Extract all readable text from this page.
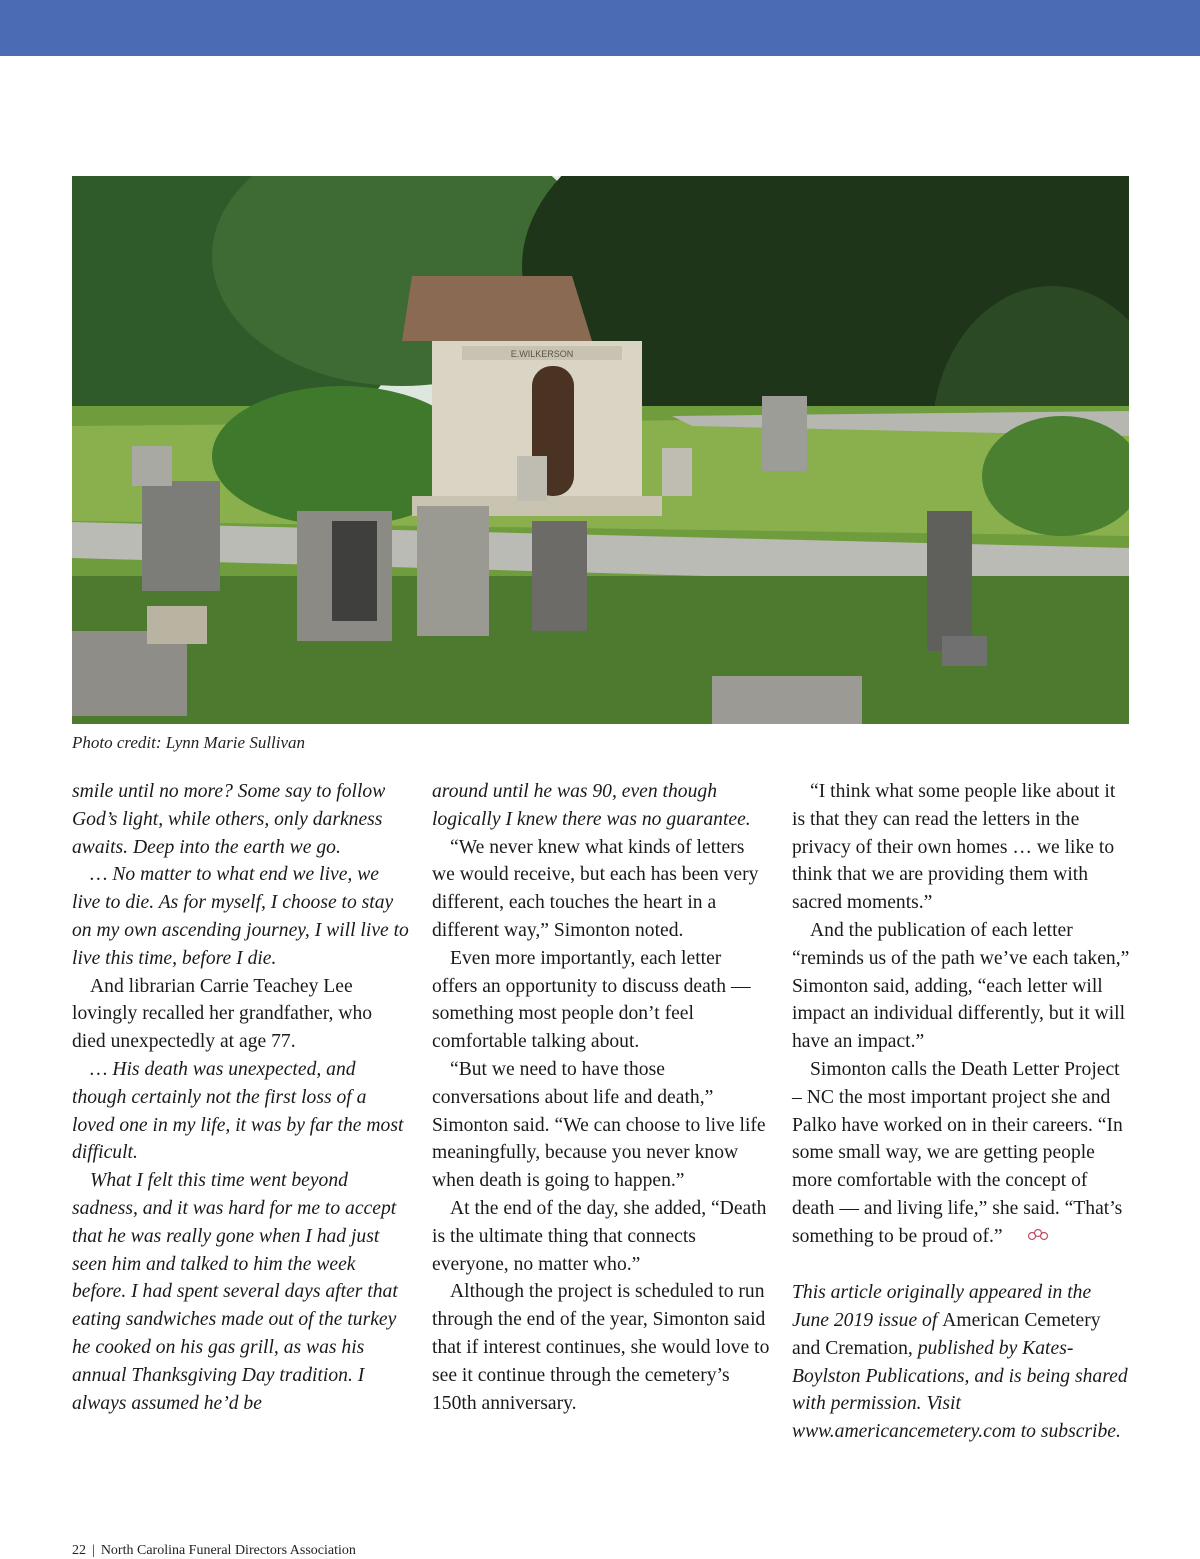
E.WILKERSON
Photo credit: Lynn Marie Sullivan

smile until no more? Some say to follow God’s light, while others, only darkness awaits. Deep into the earth we go.

… No matter to what end we live, we live to die. As for myself, I choose to stay on my own ascending journey, I will live to live this time, before I die.

And librarian Carrie Teachey Lee lovingly recalled her grandfather, who died unexpectedly at age 77.

… His death was unexpected, and though certainly not the first loss of a loved one in my life, it was by far the most difficult.

What I felt this time went beyond sadness, and it was hard for me to accept that he was really gone when I had just seen him and talked to him the week before. I had spent several days after that eating sandwiches made out of the turkey he cooked on his gas grill, as was his annual Thanksgiving Day tradition. I always assumed he’d be

around until he was 90, even though logically I knew there was no guarantee.

“We never knew what kinds of letters we would receive, but each has been very different, each touches the heart in a different way,” Simonton noted.

Even more importantly, each letter offers an opportunity to discuss death — something most people don’t feel comfortable talking about.

“But we need to have those conversations about life and death,” Simonton said. “We can choose to live life meaningfully, because you never know when death is going to happen.”

At the end of the day, she added, “Death is the ultimate thing that connects everyone, no matter who.”

Although the project is scheduled to run through the end of the year, Simonton said that if interest continues, she would love to see it continue through the cemetery’s 150th anniversary.

“I think what some people like about it is that they can read the letters in the privacy of their own homes … we like to think that we are providing them with sacred moments.”

And the publication of each letter “reminds us of the path we’ve each taken,” Simonton said, adding, “each letter will impact an individual differently, but it will have an impact.”

Simonton calls the Death Letter Project – NC the most important project she and Palko have worked on in their careers. “In some small way, we are getting people more comfortable with the concept of death — and living life,” she said. “That’s something to be proud of.”

This article originally appeared in the June 2019 issue of American Cemetery and Cremation, published by Kates-Boylston Publications, and is being shared with permission. Visit www.americancemetery.com to subscribe.

22 | North Carolina Funeral Directors Association
